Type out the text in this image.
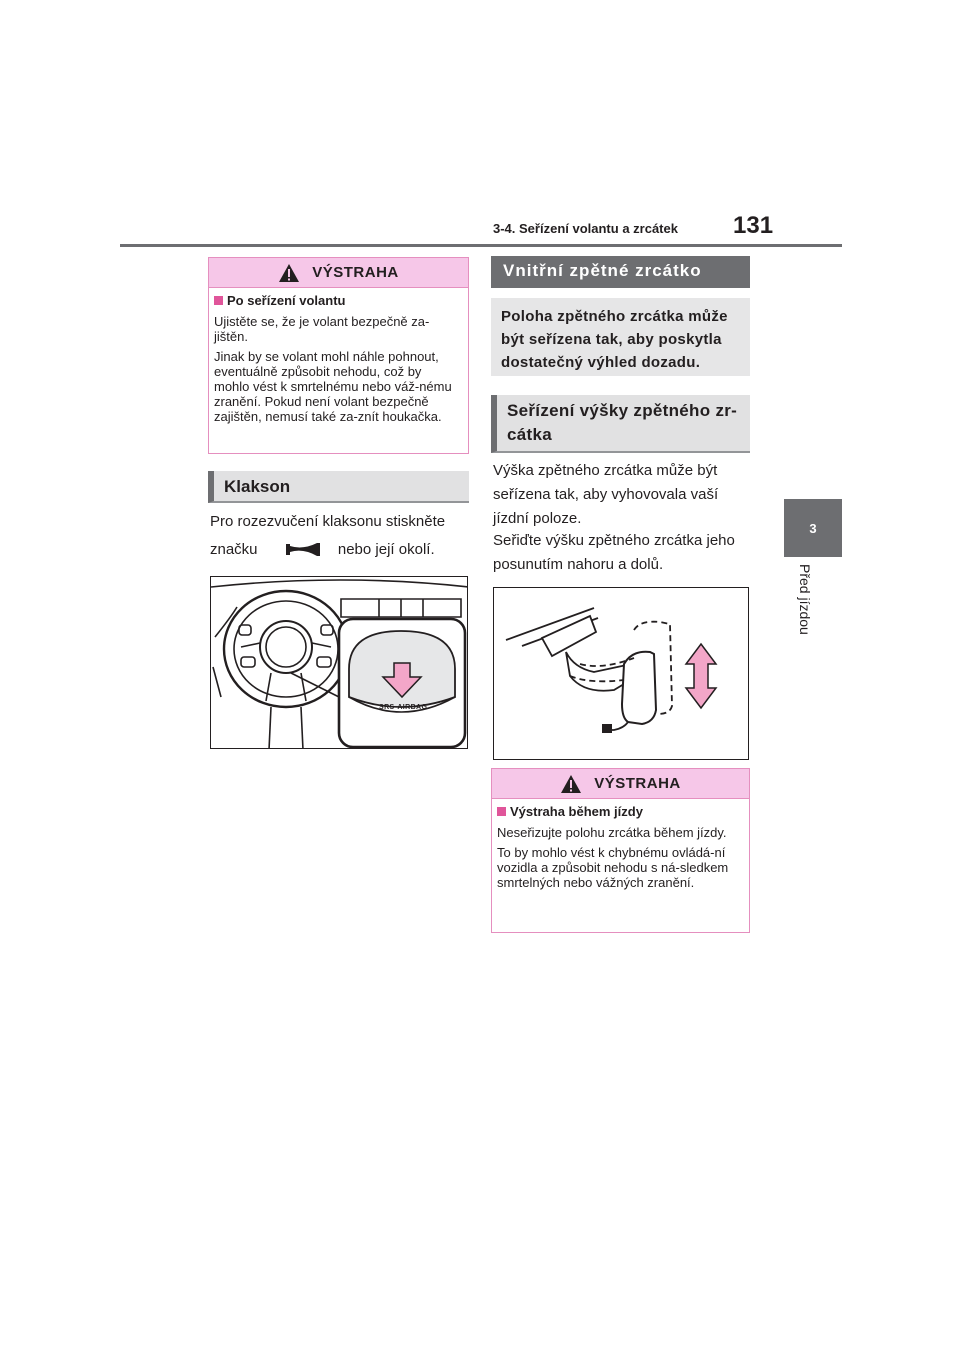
3-4. Seřízení volantu a zrcátek 131
3
Před jízdou
VÝSTRAHA
Po seřízení volantu

Ujistěte se, že je volant bezpečně za-jištěn.

Jinak by se volant mohl náhle pohnout, eventuálně způsobit nehodu, což by mohlo vést k smrtelnému nebo váž-nému zranění. Pokud není volant bezpečně zajištěn, nemusí také za-znít houkačka.

Klakson
Pro rozezvučení klaksonu stiskněte
značku	nebo její okolí.
SRS-AIRBAG
Vnitřní zpětné zrcátko
Poloha zpětného zrcátka může být seřízena tak, aby poskytla dostatečný výhled dozadu.
Seřízení výšky zpětného zr-cátka
Výška zpětného zrcátka může být seřízena tak, aby vyhovovala vaší jízdní poloze.
Seřiďte výšku zpětného zrcátka jeho posunutím nahoru a dolů.
VÝSTRAHA
Výstraha během jízdy

Neseřizujte polohu zrcátka během jízdy.

To by mohlo vést k chybnému ovládá-ní vozidla a způsobit nehodu s ná-sledkem smrtelných nebo vážných zranění.
